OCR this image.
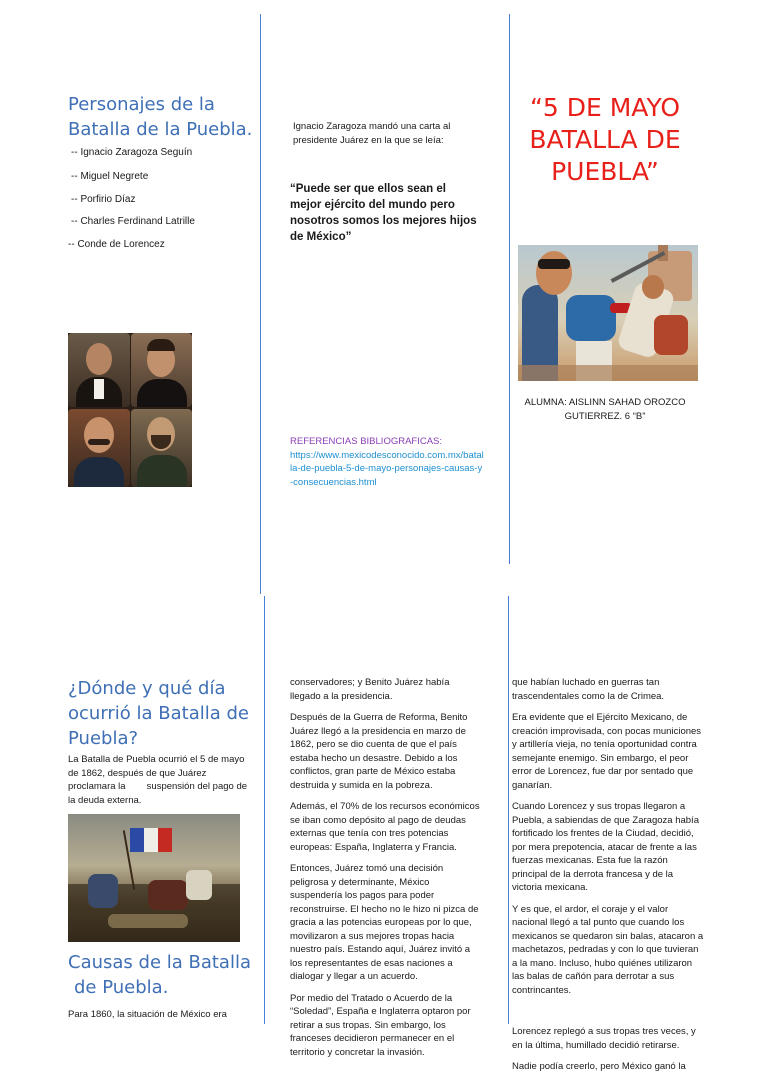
Personajes de la Batalla de la Puebla.
-- Ignacio Zaragoza Seguín
-- Miguel Negrete
-- Porfirio Díaz
-- Charles Ferdinand Latrille
-- Conde de Lorencez

Ignacio Zaragoza mandó una carta al presidente Juárez en la que se leía:

“Puede ser que ellos sean el mejor ejército del mundo pero nosotros somos los mejores hijos de México”

REFERENCIAS BIBLIOGRAFICAS:

https://www.mexicodesconocido.com.mx/batalla-de-puebla-5-de-mayo-personajes-causas-y-consecuencias.html
“5 DE MAYO BATALLA DE PUEBLA”

ALUMNA: AISLINN SAHAD OROZCO GUTIERREZ. 6 “B”

¿Dónde y qué día ocurrió la Batalla de Puebla?

La Batalla de Puebla ocurrió el 5 de mayo de 1862, después de que Juárez proclamara la        suspensión del pago de la deuda externa.

Causas de la Batalla de Puebla.

Para 1860, la situación de México era

conservadores; y Benito Juárez había llegado a la presidencia.

Después de la Guerra de Reforma, Benito Juárez llegó a la presidencia en marzo de 1862, pero se dio cuenta de que el país estaba hecho un desastre. Debido a los conflictos, gran parte de México estaba destruida y sumida en la pobreza.

Además, el 70% de los recursos económicos se iban como depósito al pago de deudas externas que tenía con tres potencias europeas: España, Inglaterra y Francia.

Entonces, Juárez tomó una decisión peligrosa y determinante, México suspendería los pagos para poder reconstruirse. El hecho no le hizo ni pizca de gracia a las potencias europeas por lo que, movilizaron a sus mejores tropas hacia nuestro país. Estando aquí, Juárez invitó a los representantes de esas naciones a dialogar y llegar a un acuerdo.

Por medio del Tratado o Acuerdo de la “Soledad”, España e Inglaterra optaron por retirar a sus tropas. Sin embargo, los franceses decidieron permanecer en el territorio y concretar la invasión.

que habían luchado en guerras tan trascendentales como la de Crimea.

Era evidente que el Ejército Mexicano, de creación improvisada, con pocas municiones y artillería vieja, no tenía oportunidad contra semejante enemigo. Sin embargo, el peor error de Lorencez, fue dar por sentado que ganarían.

Cuando Lorencez y sus tropas llegaron a Puebla, a sabiendas de que Zaragoza había fortificado los frentes de la Ciudad, decidió, por mera prepotencia, atacar de frente a las fuerzas mexicanas. Esta fue la razón principal de la derrota francesa y de la victoria mexicana.

Y es que, el ardor, el coraje y el valor nacional llegó a tal punto que cuando los mexicanos se quedaron sin balas, atacaron a machetazos, pedradas y con lo que tuvieran a la mano. Incluso, hubo quiénes utilizaron las balas de cañón para derrotar a sus contrincantes.

Lorencez replegó a sus tropas tres veces, y en la última, humillado decidió retirarse.

Nadie podía creerlo, pero México ganó la
